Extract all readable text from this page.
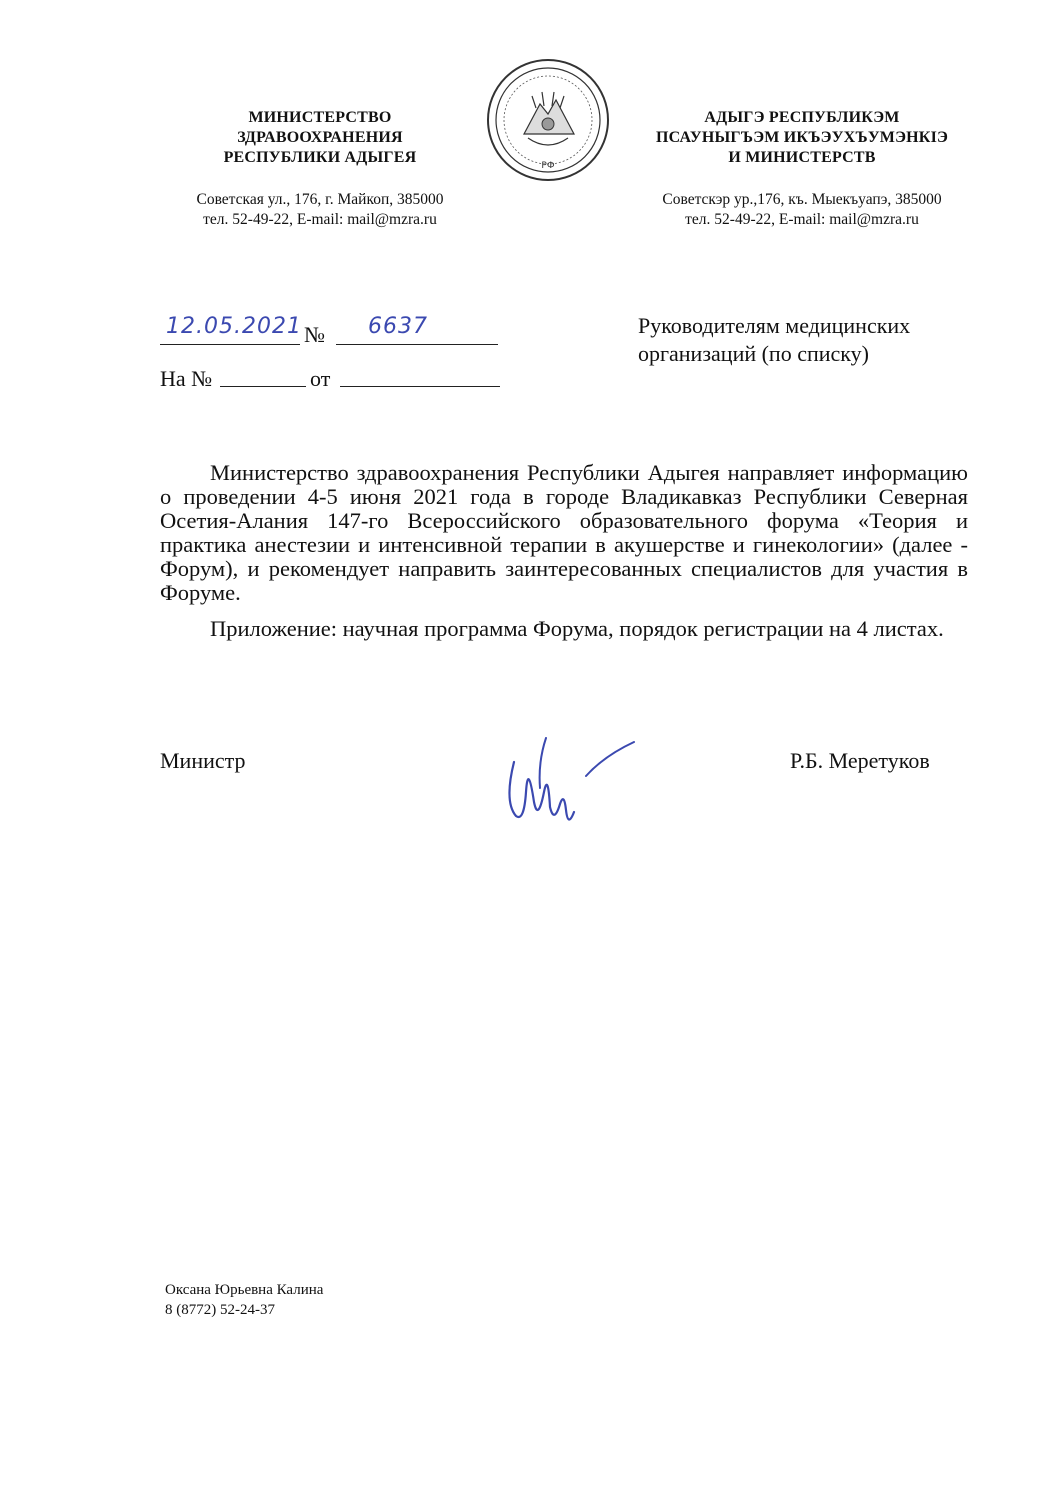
МИНИСТЕРСТВО
ЗДРАВООХРАНЕНИЯ
РЕСПУБЛИКИ АДЫГЕЯ
Советская ул., 176, г. Майкоп, 385000
тел. 52-49-22, E-mail: mail@mzra.ru
РФ
АДЫГЭ РЕСПУБЛИКЭМ
ПСАУНЫГЪЭМ ИКЪЭУХЪУМЭНКIЭ
И МИНИСТЕРСТВ
Советскэр ур.,176, къ. Мыекъуапэ, 385000
тел. 52-49-22, E-mail: mail@mzra.ru
12.05.2021 № 6637
На №	от
Руководителям медицинских
организаций (по списку)

Министерство здравоохранения Республики Адыгея направляет информацию о проведении 4-5 июня 2021 года в городе Владикавказ Республики Северная Осетия-Алания 147-го Всероссийского образовательного форума «Теория и практика анестезии и интенсивной терапии в акушерстве и гинекологии» (далее - Форум), и рекомендует направить заинтересованных специалистов для участия в Форуме.

Приложение: научная программа Форума, порядок регистрации на 4 листах.

Министр	Р.Б. Меретуков
Оксана Юрьевна Калина
8 (8772) 52-24-37
